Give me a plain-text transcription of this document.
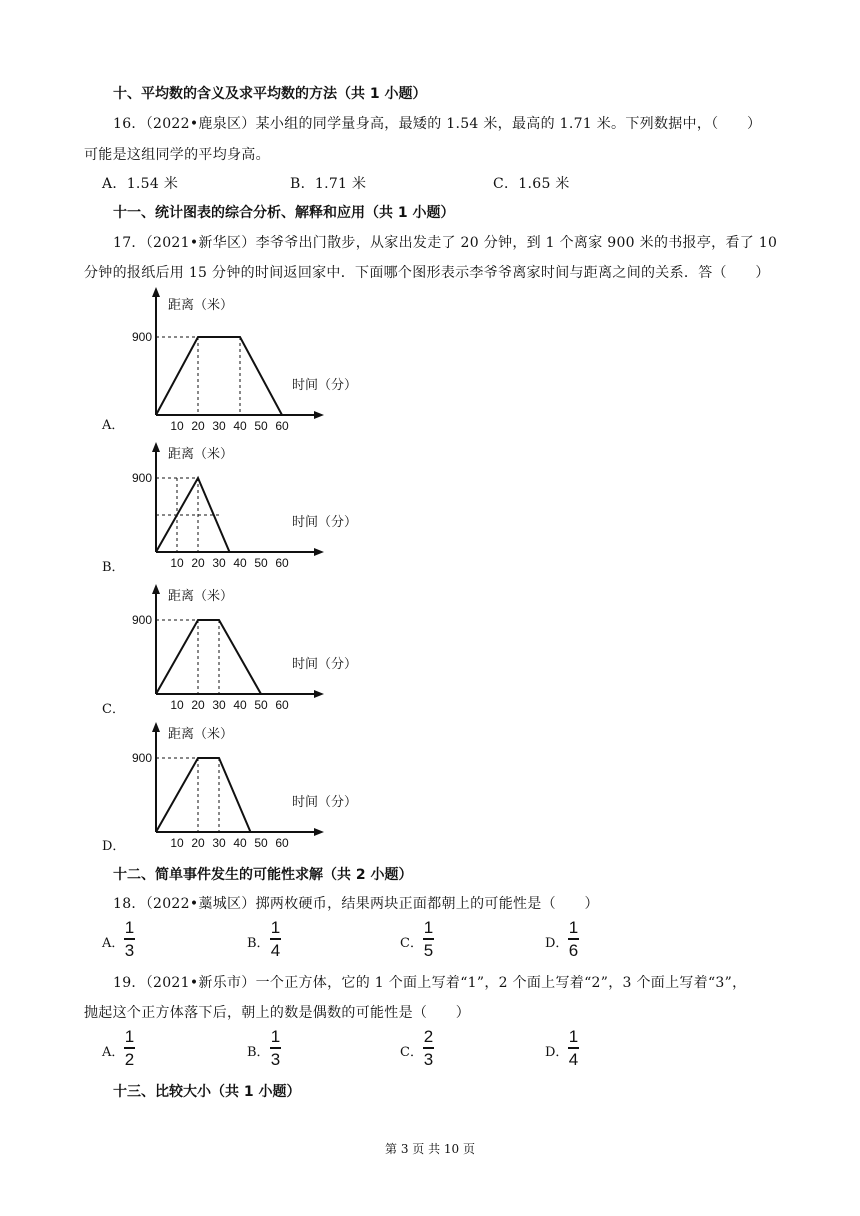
十、平均数的含义及求平均数的方法（共 1 小题）
16．（2022•鹿泉区）某小组的同学量身高，最矮的 1.54 米，最高的 1.71 米。下列数据中，（　　）
可能是这组同学的平均身高。
A．1.54 米	B．1.71 米	C．1.65 米
十一、统计图表的综合分析、解释和应用（共 1 小题）
17．（2021•新华区）李爷爷出门散步，从家出发走了 20 分钟，到 1 个离家 900 米的书报亭，看了 10
分钟的报纸后用 15 分钟的时间返回家中．下面哪个图形表示李爷爷离家时间与距离之间的关系．答（　　）
A．
距离（米）
时间（分）
900
10 20 30 40 50 60
B．
距离（米）
时间（分）
900
10 20 30 40 50 60
C．
距离（米）
时间（分）
900
10 20 30 40 50 60
D．
距离（米）
时间（分）
900
10 20 30 40 50 60
十二、简单事件发生的可能性求解（共 2 小题）
18．（2022•藁城区）掷两枚硬币，结果两块正面都朝上的可能性是（　　）
A．
1
3	B．
1
4	C．
1
5	D．
1
6
19．（2021•新乐市）一个正方体，它的 1 个面上写着“1”，2 个面上写着“2”，3 个面上写着“3”，
抛起这个正方体落下后，朝上的数是偶数的可能性是（　　）
A．
1
2	B．
1
3	C．
2
3	D．
1
4
十三、比较大小（共 1 小题）
第 3 页 共 10 页
